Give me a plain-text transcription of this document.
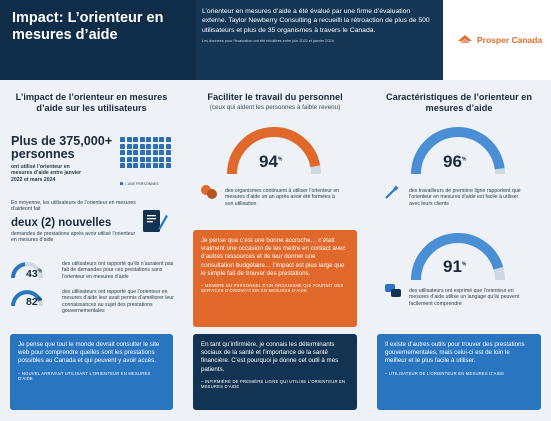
Impact: L’orienteur en mesures d’aide
L’orienteur en mesures d’aide a été évalué par une firme d’évaluation externe. Taylor Newberry Consulting a recueilli la rétroaction de plus de 500 utilisateurs et plus de 35 organismes à travers le Canada.
Les données pour l’évaluation ont été récoltées entre juin 2022 et janvier 2024.	Prosper Canada
L’impact de l’orienteur en mesures d’aide sur les utilisateurs
Plus de 375,000+ personnes
ont utilisé l’orienteur en mesures d’aide entre janvier 2022 et mars 2024
= 1000 PERSONNES
En moyenne, les utilisateurs de l’orienteur en mesures d’aideont fait
deux (2) nouvelles
demandes de prestations après avoir utilisé l’orienteur en mesures d’aide
43%
des utilisateurs ont rapporté qu’ils n’auraient pas fait de demandes pour ces prestations sans l’orienteur en mesures d’aide
82%
des utilisateurs ont rapporté que l’orienteur en mesures d’aide leur avait permis d’améliorer leur connaissances au sujet des prestations gouvernementales
Je pense que tout le monde devrait consulter le site web pour comprendre quelles sont les prestations possibles au Canada et qui peuvent y avoir accès.
– NOUVEL ARRIVANT UTILISANT L’ORIENTEUR EN MESURES D’AIDE
Faciliter le travail du personnel
(ceux qui aident les personnes à faible revenu)
94%
des organismes continuent à utiliser l’orienteur en mesures d’aide un an après avoir été formées à son utilisation
Je pense que c’est une bonne accroche… c’était vraiment une occasion de les mettre en contact avec d’autres ressources et de leur donner une consultation budgétaire… l’impact est plus large que le simple fait de trouver des prestations.
– MEMBRE DU PERSONNEL D’UN ORGANISME QUI FOURNIT DES SERVICES D’ORIENTATION EN MESURES D’AIDE
En tant qu’infirmière, je connais les déterminants sociaux de la santé et l’importance de la santé financière. C’est pourquoi je donne cet outil à mes patients.
– INFIRMIÈRE DE PREMIÈRE LIGNE QUI UTILISE L’ORIENTEUR EN MESURES D’AIDE
Caractéristiques de l’orienteur en mesures d’aide
96%
des travailleurs de première ligne rapportent que l’orienteur en mesures d’aide est facile à utiliser avec leurs clients
91%
des utilisateurs ont exprimé que l’orienteur en mesures d’aide utilise un langage qu’ils peuvent facilement comprendre
Il existe d’autres outils pour trouver des prestations gouvernementales, mais celui-ci est de loin le meilleur et le plus facile à utiliser.
– UTILISATEUR DE L’ORIENTEUR EN MESURES D’AIDE
